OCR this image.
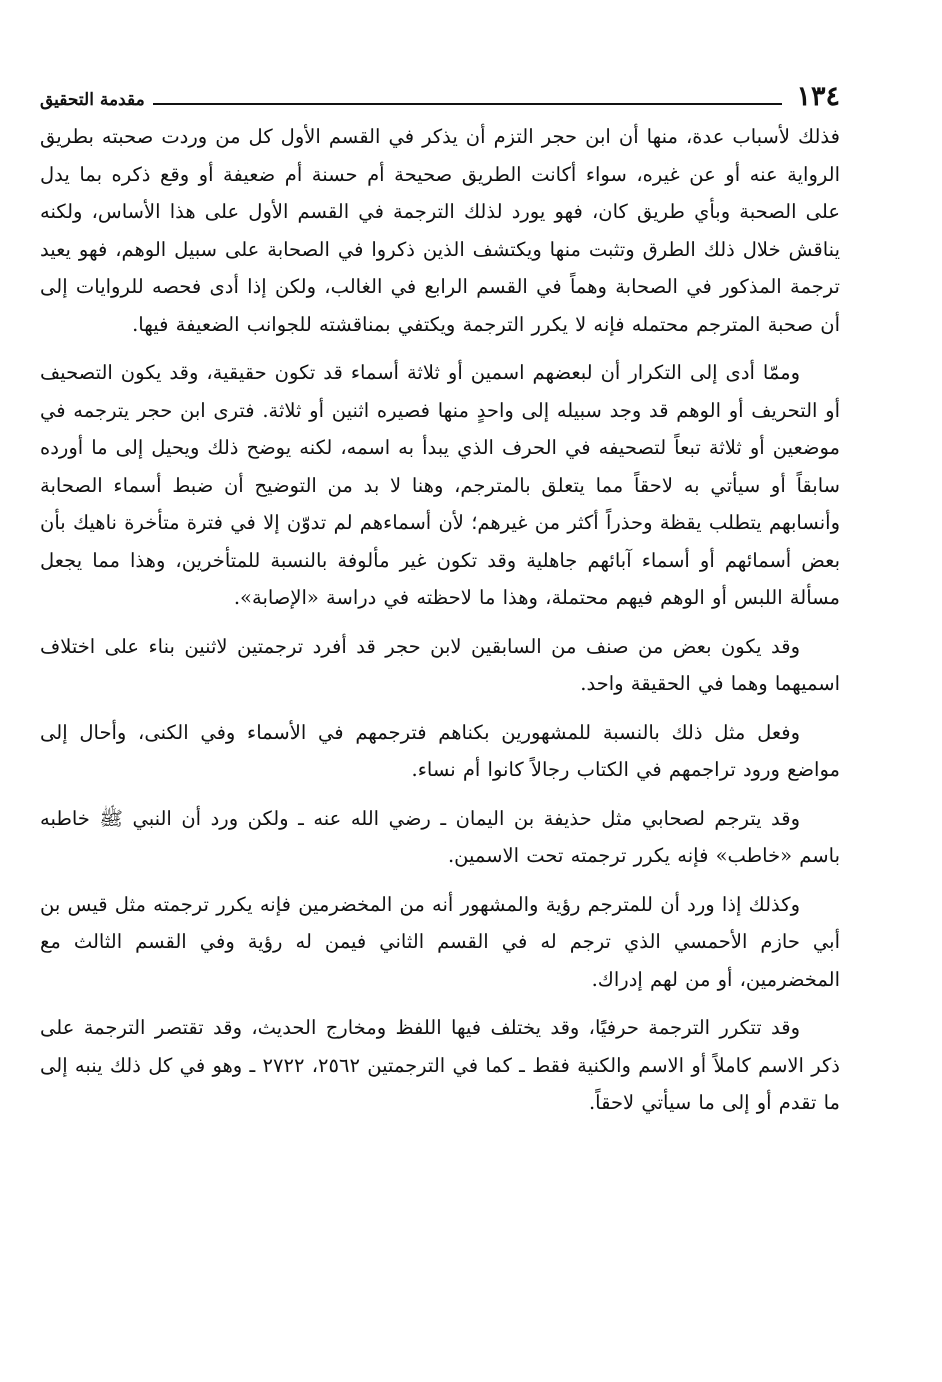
١٣٤
مقدمة التحقيق

فذلك لأسباب عدة، منها أن ابن حجر التزم أن يذكر في القسم الأول كل من وردت صحبته بطريق الرواية عنه أو عن غيره، سواء أكانت الطريق صحيحة أم حسنة أم ضعيفة أو وقع ذكره بما يدل على الصحبة وبأي طريق كان، فهو يورد لذلك الترجمة في القسم الأول على هذا الأساس، ولكنه يناقش خلال ذلك الطرق وتثبت منها ويكتشف الذين ذكروا في الصحابة على سبيل الوهم، فهو يعيد ترجمة المذكور في الصحابة وهماً في القسم الرابع في الغالب، ولكن إذا أدى فحصه للروايات إلى أن صحبة المترجم محتمله فإنه لا يكرر الترجمة ويكتفي بمناقشته للجوانب الضعيفة فيها.

وممّا أدى إلى التكرار أن لبعضهم اسمين أو ثلاثة أسماء قد تكون حقيقية، وقد يكون التصحيف أو التحريف أو الوهم قد وجد سبيله إلى واحدٍ منها فصيره اثنين أو ثلاثة. فترى ابن حجر يترجمه في موضعين أو ثلاثة تبعاً لتصحيفه في الحرف الذي يبدأ به اسمه، لكنه يوضح ذلك ويحيل إلى ما أورده سابقاً أو سيأتي به لاحقاً مما يتعلق بالمترجم، وهنا لا بد من التوضيح أن ضبط أسماء الصحابة وأنسابهم يتطلب يقظة وحذراً أكثر من غيرهم؛ لأن أسماءهم لم تدوّن إلا في فترة متأخرة ناهيك بأن بعض أسمائهم أو أسماء آبائهم جاهلية وقد تكون غير مألوفة بالنسبة للمتأخرين، وهذا مما يجعل مسألة اللبس أو الوهم فيهم محتملة، وهذا ما لاحظته في دراسة «الإصابة».

وقد يكون بعض من صنف من السابقين لابن حجر قد أفرد ترجمتين لاثنين بناء على اختلاف اسميهما وهما في الحقيقة واحد.

وفعل مثل ذلك بالنسبة للمشهورين بكناهم فترجمهم في الأسماء وفي الكنى، وأحال إلى مواضع ورود تراجمهم في الكتاب رجالاً كانوا أم نساء.

وقد يترجم لصحابي مثل حذيفة بن اليمان ـ رضي الله عنه ـ ولكن ورد أن النبي ﷺ خاطبه باسم «خاطب» فإنه يكرر ترجمته تحت الاسمين.

وكذلك إذا ورد أن للمترجم رؤية والمشهور أنه من المخضرمين فإنه يكرر ترجمته مثل قيس بن أبي حازم الأحمسي الذي ترجم له في القسم الثاني فيمن له رؤية وفي القسم الثالث مع المخضرمين، أو من لهم إدراك.

وقد تتكرر الترجمة حرفيًا، وقد يختلف فيها اللفظ ومخارج الحديث، وقد تقتصر الترجمة على ذكر الاسم كاملاً أو الاسم والكنية فقط ـ كما في الترجمتين ٢٥٦٢، ٢٧٢٢ ـ وهو في كل ذلك ينبه إلى ما تقدم أو إلى ما سيأتي لاحقاً.
